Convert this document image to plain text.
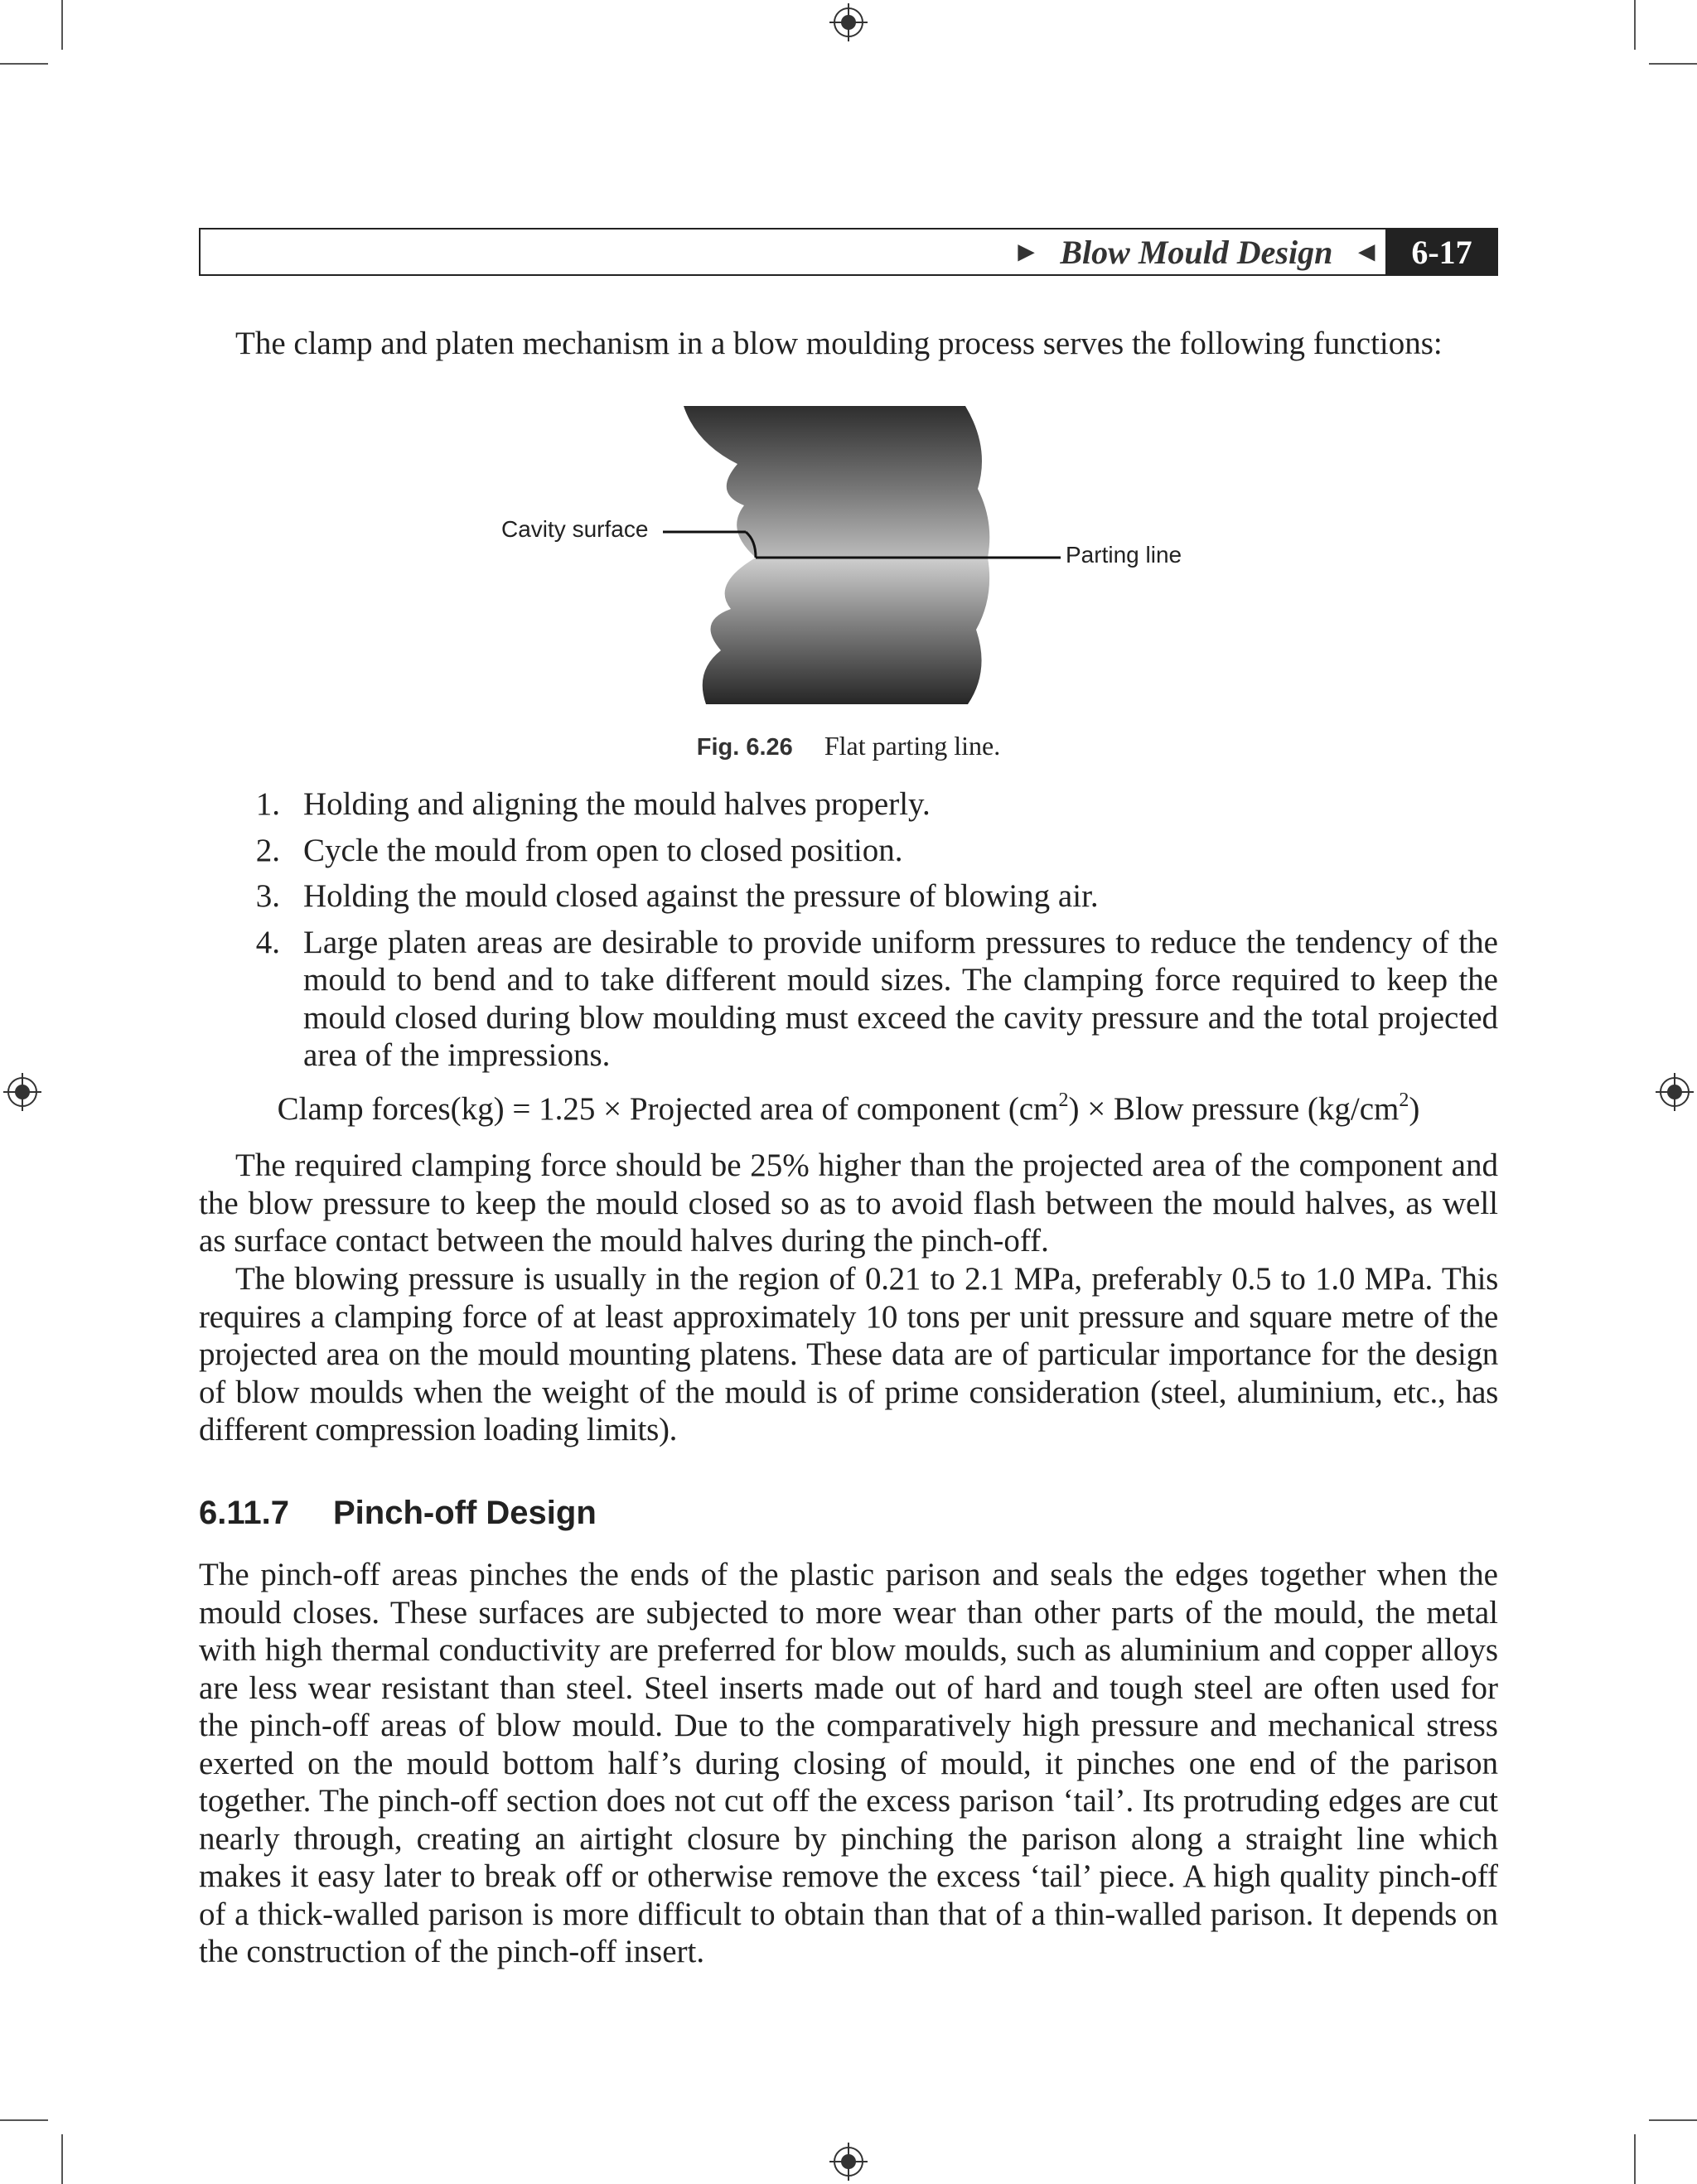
► Blow Mould Design ◄ 6-17

The clamp and platen mechanism in a blow moulding process serves the following functions:

Cavity surface
Parting line
Fig. 6.26 Flat parting line.
1. Holding and aligning the mould halves properly.
2. Cycle the mould from open to closed position.
3. Holding the mould closed against the pressure of blowing air.
4. Large platen areas are desirable to provide uniform pressures to reduce the tendency of the mould to bend and to take different mould sizes. The clamping force required to keep the mould closed during blow moulding must exceed the cavity pressure and the total projected area of the impressions.
Clamp forces(kg) = 1.25 × Projected area of component $(cm^2)$ × Blow pressure $(kg/cm^2)$

The required clamping force should be 25% higher than the projected area of the component and the blow pressure to keep the mould closed so as to avoid flash between the mould halves, as well as surface contact between the mould halves during the pinch-off.

The blowing pressure is usually in the region of 0.21 to 2.1 MPa, preferably 0.5 to 1.0 MPa. This requires a clamping force of at least approximately 10 tons per unit pressure and square metre of the projected area on the mould mounting platens. These data are of particular importance for the design of blow moulds when the weight of the mould is of prime consideration (steel, aluminium, etc., has different compression loading limits).

6.11.7 Pinch-off Design

The pinch-off areas pinches the ends of the plastic parison and seals the edges together when the mould closes. These surfaces are subjected to more wear than other parts of the mould, the metal with high thermal conductivity are preferred for blow moulds, such as aluminium and copper alloys are less wear resistant than steel. Steel inserts made out of hard and tough steel are often used for the pinch-off areas of blow mould. Due to the comparatively high pressure and mechanical stress exerted on the mould bottom half’s during closing of mould, it pinches one end of the parison together. The pinch-off section does not cut off the excess parison ‘tail’. Its protruding edges are cut nearly through, creating an airtight closure by pinching the parison along a straight line which makes it easy later to break off or otherwise remove the excess ‘tail’ piece. A high quality pinch-off of a thick-walled parison is more difficult to obtain than that of a thin-walled parison. It depends on the construction of the pinch-off insert.
